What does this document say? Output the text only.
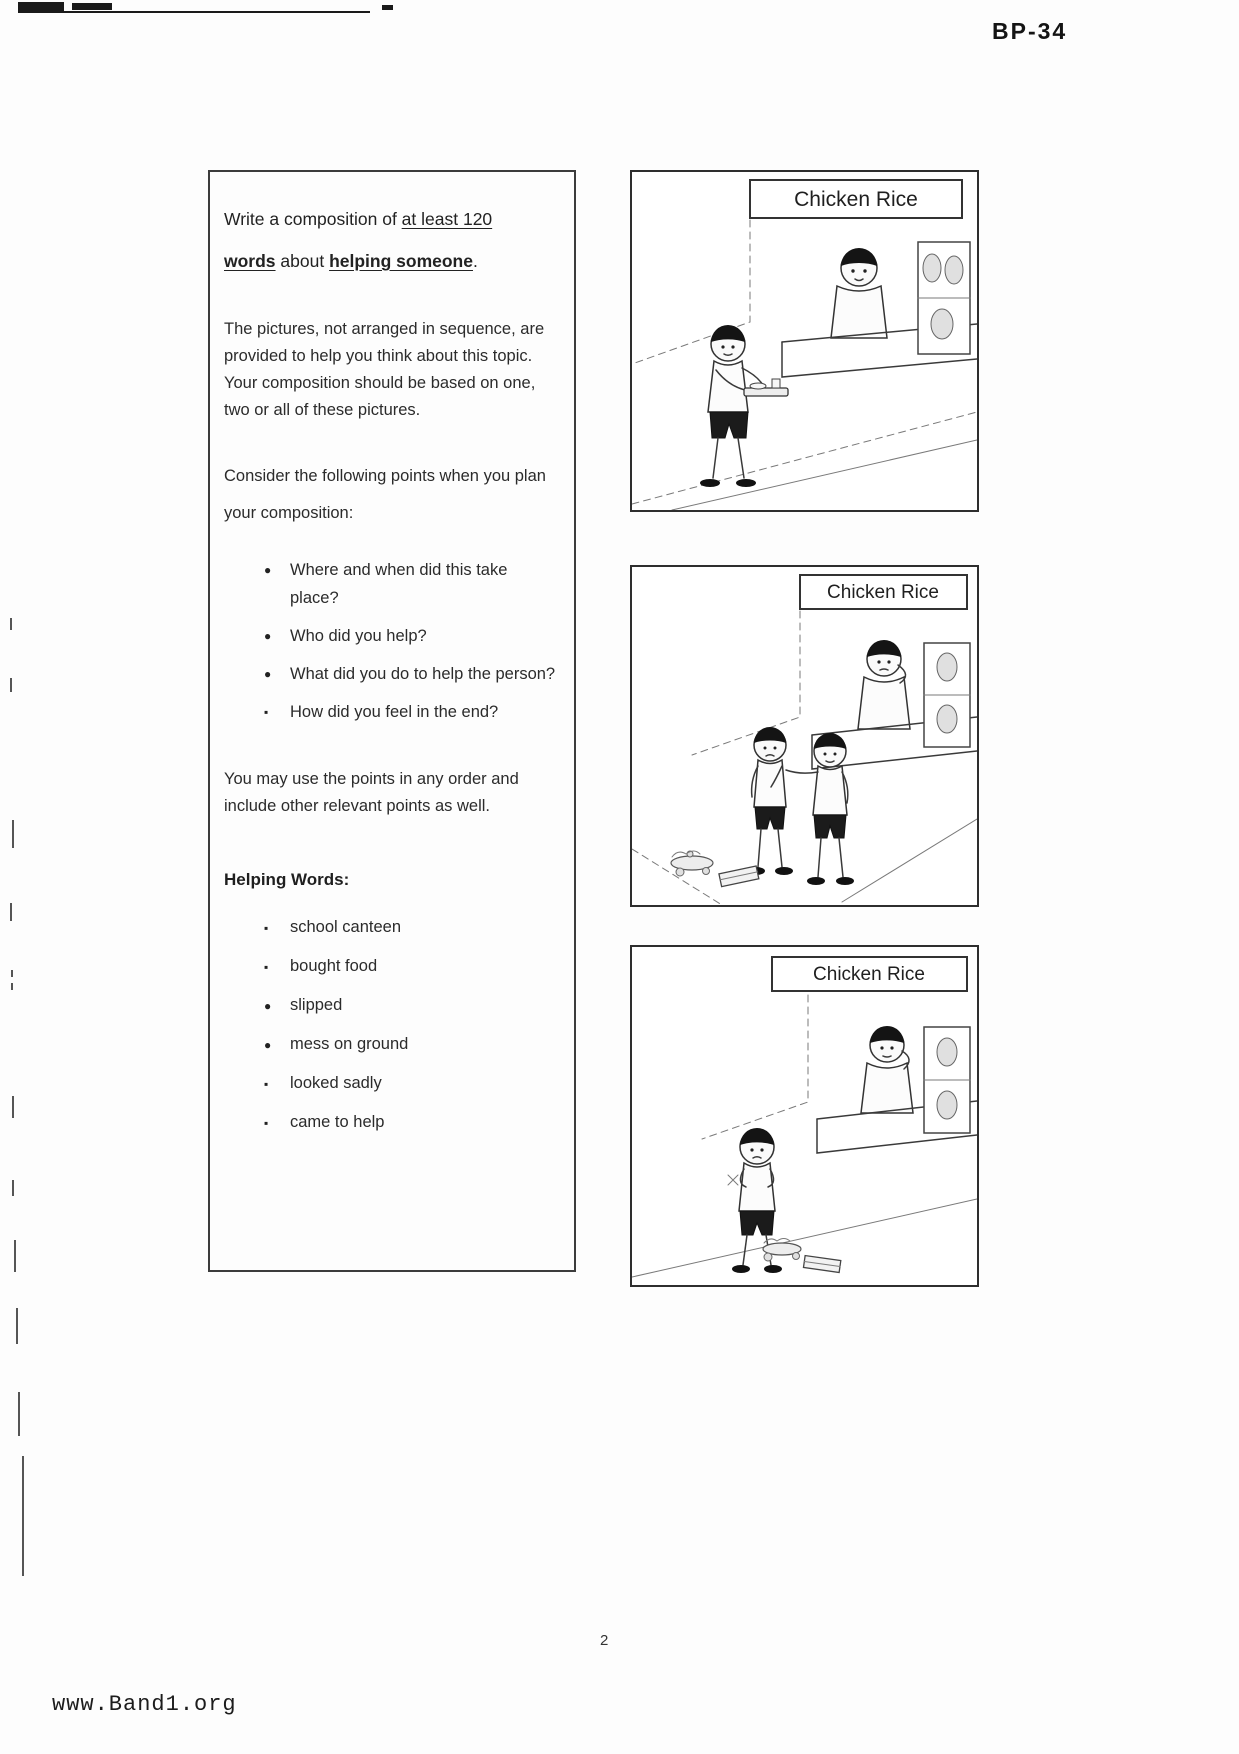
BP-34

Write a composition of at least 120
words about helping someone.

The pictures, not arranged in sequence, are provided to help you think about this topic. Your composition should be based on one, two or all of these pictures.

Consider the following points when you plan your composition:

●	Where and when did this take place?
●	Who did you help?
●	What did you do to help the person?
▪	How did you feel in the end?

You may use the points in any order and include other relevant points as well.

Helping Words:

▪	school canteen
▪	bought food
●	slipped
●	mess on ground
▪	looked sadly
▪	came to help
Chicken Rice
Chicken Rice
Chicken Rice
2
www.Band1.org
